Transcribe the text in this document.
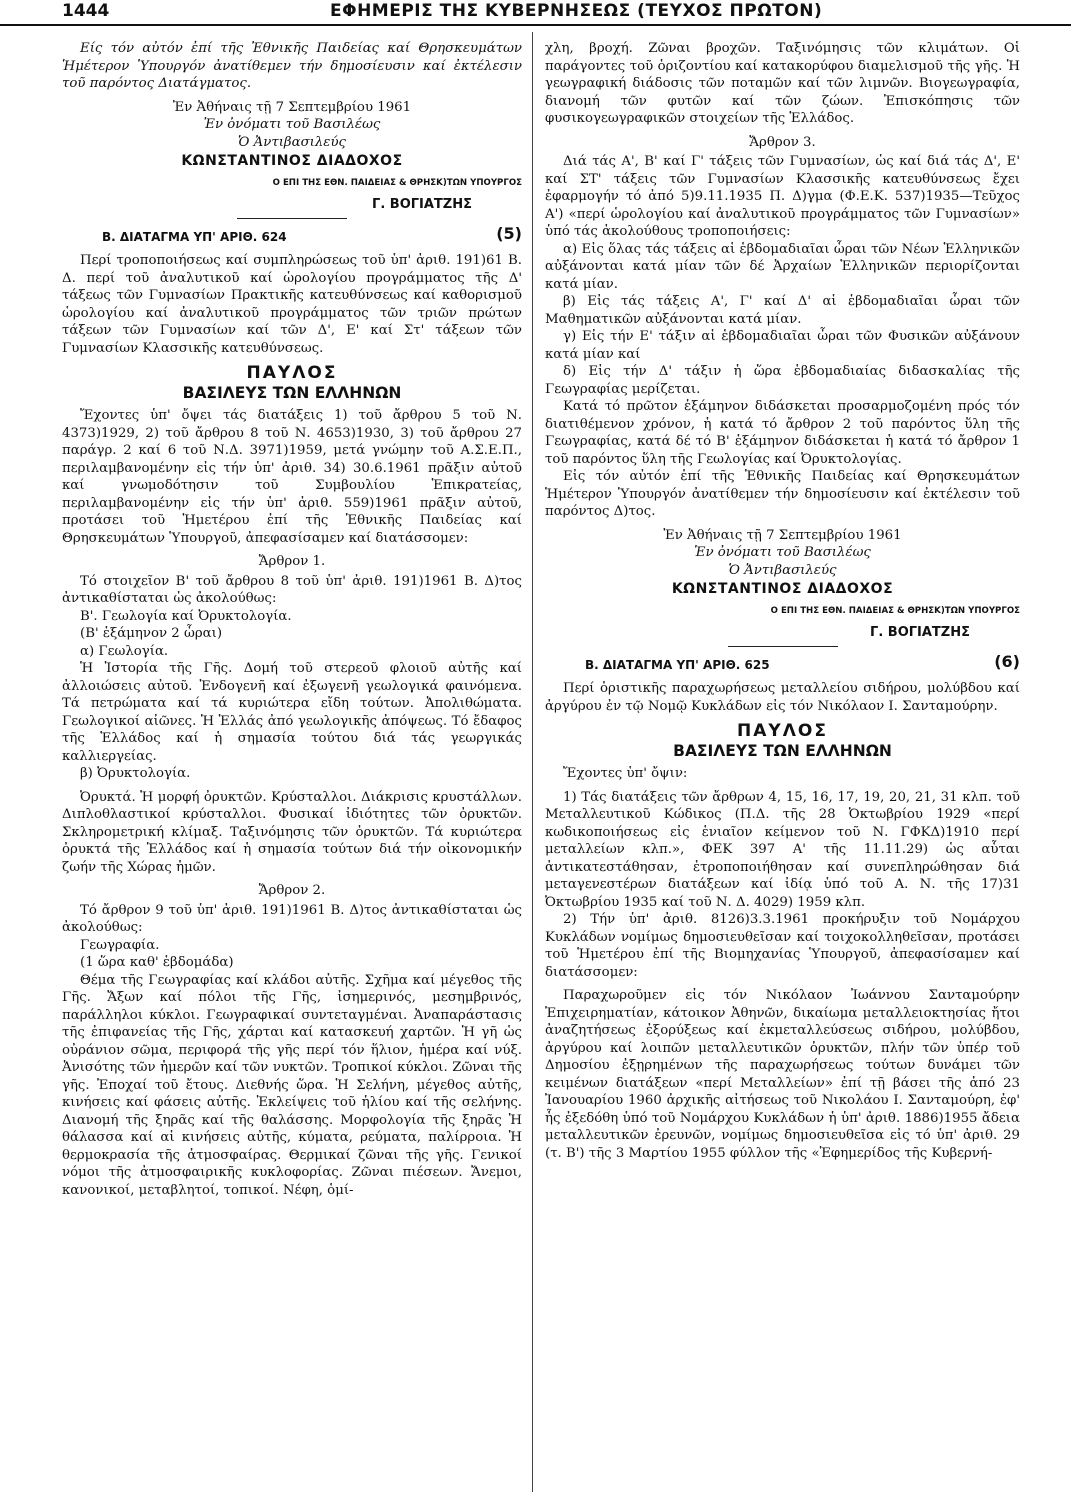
1444	ΕΦΗΜΕΡΙΣ ΤΗΣ ΚΥΒΕΡΝΗΣΕΩΣ (ΤΕΥΧΟΣ ΠΡΩΤΟΝ)

Είς τόν αὐτόν ἐπί τῆς Ἐθνικῆς Παιδείας καί Θρησκευμάτων Ἡμέτερον Ὑπουργόν ἀνατίθεμεν τήν δημοσίευσιν καί ἐκτέλεσιν τοῦ παρόντος Διατάγματος.

Ἐν Ἀθήναις τῇ 7 Σεπτεμβρίου 1961

Ἐν ὀνόματι τοῦ Βασιλέως

Ὁ Ἀντιβασιλεύς

ΚΩΝΣΤΑΝΤΙΝΟΣ ΔΙΑΔΟΧΟΣ

Ο ΕΠΙ ΤΗΣ ΕΘΝ. ΠΑΙΔΕΙΑΣ & ΘΡΗΣΚ)ΤΩΝ ΥΠΟΥΡΓΟΣ

Γ. ΒΟΓΙΑΤΖΗΣ

(5)
Β. ΔΙΑΤΑΓΜΑ ΥΠ' ΑΡΙΘ. 624

Περί τροποποιήσεως καί συμπληρώσεως τοῦ ὑπ' ἀριθ. 191)61 Β. Δ. περί τοῦ ἀναλυτικοῦ καί ὡρολογίου προγράμματος τῆς Δ' τάξεως τῶν Γυμνασίων Πρακτικῆς κατευθύνσεως καί καθορισμοῦ ὡρολογίου καί ἀναλυτικοῦ προγράμματος τῶν τριῶν πρώτων τάξεων τῶν Γυμνασίων καί τῶν Δ', Ε' καί Στ' τάξεων τῶν Γυμνασίων Κλασσικῆς κατευθύνσεως.

ΠΑΥΛΟΣ

ΒΑΣΙΛΕΥΣ ΤΩΝ ΕΛΛΗΝΩΝ

Ἔχοντες ὑπ' ὄψει τάς διατάξεις 1) τοῦ ἄρθρου 5 τοῦ Ν. 4373)1929, 2) τοῦ ἄρθρου 8 τοῦ Ν. 4653)1930, 3) τοῦ ἄρθρου 27 παράγρ. 2 καί 6 τοῦ Ν.Δ. 3971)1959, μετά γνώμην τοῦ Α.Σ.Ε.Π., περιλαμβανομένην εἰς τήν ὑπ' ἀριθ. 34) 30.6.1961 πρᾶξιν αὐτοῦ καί γνωμοδότησιν τοῦ Συμβουλίου Ἐπικρατείας, περιλαμβανομένην εἰς τήν ὑπ' ἀριθ. 559)1961 πρᾶξιν αὐτοῦ, προτάσει τοῦ Ἡμετέρου ἐπί τῆς Ἐθνικῆς Παιδείας καί Θρησκευμάτων Ὑπουργοῦ, ἀπεφασίσαμεν καί διατάσσομεν:

Ἄρθρον 1.

Τό στοιχεῖον Β' τοῦ ἄρθρου 8 τοῦ ὑπ' ἀριθ. 191)1961 Β. Δ)τος ἀντικαθίσταται ὡς ἀκολούθως:

Β'. Γεωλογία καί Ὀρυκτολογία.

(Β' ἑξάμηνον 2 ὧραι)

α) Γεωλογία.

Ἡ Ἱστορία τῆς Γῆς. Δομή τοῦ στερεοῦ φλοιοῦ αὐτῆς καί ἀλλοιώσεις αὐτοῦ. Ἐνδογενῆ καί ἐξωγενῆ γεωλογικά φαινόμενα. Τά πετρώματα καί τά κυριώτερα εἴδη τούτων. Ἀπολιθώματα. Γεωλογικοί αἰῶνες. Ἡ Ἑλλάς ἀπό γεωλογικῆς ἀπόψεως. Τό ἔδαφος τῆς Ἑλλάδος καί ἡ σημασία τούτου διά τάς γεωργικάς καλλιεργείας.

β) Ὀρυκτολογία.

Ὀρυκτά. Ἡ μορφή ὀρυκτῶν. Κρύσταλλοι. Διάκρισις κρυστάλλων. Διπλοθλαστικοί κρύσταλλοι. Φυσικαί ἰδιότητες τῶν ὀρυκτῶν. Σκληρομετρική κλίμαξ. Ταξινόμησις τῶν ὀρυκτῶν. Τά κυριώτερα ὀρυκτά τῆς Ἑλλάδος καί ἡ σημασία τούτων διά τήν οἰκονομικήν ζωήν τῆς Χώρας ἡμῶν.

Ἄρθρον 2.

Τό ἄρθρον 9 τοῦ ὑπ' ἀριθ. 191)1961 Β. Δ)τος ἀντικαθίσταται ὡς ἀκολούθως:

Γεωγραφία.

(1 ὥρα καθ' ἑβδομάδα)

Θέμα τῆς Γεωγραφίας καί κλάδοι αὐτῆς. Σχῆμα καί μέγεθος τῆς Γῆς. Ἄξων καί πόλοι τῆς Γῆς, ἰσημερινός, μεσημβρινός, παράλληλοι κύκλοι. Γεωγραφικαί συντεταγμέναι. Ἀναπαράστασις τῆς ἐπιφανείας τῆς Γῆς, χάρται καί κατασκευή χαρτῶν. Ἡ γῆ ὡς οὐράνιον σῶμα, περιφορά τῆς γῆς περί τόν ἥλιον, ἡμέρα καί νύξ. Ἀνισότης τῶν ἡμερῶν καί τῶν νυκτῶν. Τροπικοί κύκλοι. Ζῶναι τῆς γῆς. Ἐποχαί τοῦ ἔτους. Διεθνής ὥρα. Ἡ Σελήνη, μέγεθος αὐτῆς, κινήσεις καί φάσεις αὐτῆς. Ἐκλείψεις τοῦ ἡλίου καί τῆς σελήνης. Διανομή τῆς ξηρᾶς καί τῆς θαλάσσης. Μορφολογία τῆς ξηρᾶς Ἡ θάλασσα καί αἱ κινήσεις αὐτῆς, κύματα, ρεύματα, παλίρροια. Ἡ θερμοκρασία τῆς ἀτμοσφαίρας. Θερμικαί ζῶναι τῆς γῆς. Γενικοί νόμοι τῆς ἀτμοσφαιρικῆς κυκλοφορίας. Ζῶναι πιέσεων. Ἄνεμοι, κανονικοί, μεταβλητοί, τοπικοί. Νέφη, ὁμί-

χλη, βροχή. Ζῶναι βροχῶν. Ταξινόμησις τῶν κλιμάτων. Οἱ παράγοντες τοῦ ὁριζοντίου καί κατακορύφου διαμελισμοῦ τῆς γῆς. Ἡ γεωγραφική διάδοσις τῶν ποταμῶν καί τῶν λιμνῶν. Βιογεωγραφία, διανομή τῶν φυτῶν καί τῶν ζώων. Ἐπισκόπησις τῶν φυσικογεωγραφικῶν στοιχείων τῆς Ἑλλάδος.

Ἄρθρον 3.

Διά τάς Α', Β' καί Γ' τάξεις τῶν Γυμνασίων, ὡς καί διά τάς Δ', Ε' καί ΣΤ' τάξεις τῶν Γυμνασίων Κλασσικῆς κατευθύνσεως ἔχει ἐφαρμογήν τό ἀπό 5)9.11.1935 Π. Δ)γμα (Φ.Ε.Κ. 537)1935—Τεῦχος Α') «περί ὡρολογίου καί ἀναλυτικοῦ προγράμματος τῶν Γυμνασίων» ὑπό τάς ἀκολούθους τροποποιήσεις:

α) Εἰς ὅλας τάς τάξεις αἱ ἑβδομαδιαῖαι ὧραι τῶν Νέων Ἑλληνικῶν αὐξάνονται κατά μίαν τῶν δέ Ἀρχαίων Ἑλληνικῶν περιορίζονται κατά μίαν.

β) Εἰς τάς τάξεις Α', Γ' καί Δ' αἱ ἑβδομαδιαῖαι ὧραι τῶν Μαθηματικῶν αὐξάνονται κατά μίαν.

γ) Εἰς τήν Ε' τάξιν αἱ ἑβδομαδιαῖαι ὧραι τῶν Φυσικῶν αὐξάνουν κατά μίαν καί

δ) Εἰς τήν Δ' τάξιν ἡ ὥρα ἑβδομαδιαίας διδασκαλίας τῆς Γεωγραφίας μερίζεται.

Κατά τό πρῶτον ἑξάμηνον διδάσκεται προσαρμοζομένη πρός τόν διατιθέμενον χρόνον, ἡ κατά τό ἄρθρον 2 τοῦ παρόντος ὕλη τῆς Γεωγραφίας, κατά δέ τό Β' ἑξάμηνον διδάσκεται ἡ κατά τό ἄρθρον 1 τοῦ παρόντος ὕλη τῆς Γεωλογίας καί Ὀρυκτολογίας.

Εἰς τόν αὐτόν ἐπί τῆς Ἐθνικῆς Παιδείας καί Θρησκευμάτων Ἡμέτερον Ὑπουργόν ἀνατίθεμεν τήν δημοσίευσιν καί ἐκτέλεσιν τοῦ παρόντος Δ)τος.

Ἐν Ἀθήναις τῇ 7 Σεπτεμβρίου 1961

Ἐν ὀνόματι τοῦ Βασιλέως

Ὁ Ἀντιβασιλεύς

ΚΩΝΣΤΑΝΤΙΝΟΣ ΔΙΑΔΟΧΟΣ

Ο ΕΠΙ ΤΗΣ ΕΘΝ. ΠΑΙΔΕΙΑΣ & ΘΡΗΣΚ)ΤΩΝ ΥΠΟΥΡΓΟΣ

Γ. ΒΟΓΙΑΤΖΗΣ

(6)
Β. ΔΙΑΤΑΓΜΑ ΥΠ' ΑΡΙΘ. 625

Περί ὁριστικῆς παραχωρήσεως μεταλλείου σιδήρου, μολύβδου καί ἀργύρου ἐν τῷ Νομῷ Κυκλάδων εἰς τόν Νικόλαον Ι. Σανταμούρην.

ΠΑΥΛΟΣ

ΒΑΣΙΛΕΥΣ ΤΩΝ ΕΛΛΗΝΩΝ

Ἔχοντες ὑπ' ὄψιν:

1) Τάς διατάξεις τῶν ἄρθρων 4, 15, 16, 17, 19, 20, 21, 31 κλπ. τοῦ Μεταλλευτικοῦ Κώδικος (Π.Δ. τῆς 28 Ὀκτωβρίου 1929 «περί κωδικοποιήσεως εἰς ἑνιαῖον κείμενον τοῦ Ν. ΓΦΚΔ)1910 περί μεταλλείων κλπ.», ΦΕΚ 397 Α' τῆς 11.11.29) ὡς αὗται ἀντικατεστάθησαν, ἐτροποποιήθησαν καί συνεπληρώθησαν διά μεταγενεστέρων διατάξεων καί ἰδίᾳ ὑπό τοῦ Α. Ν. τῆς 17)31 Ὀκτωβρίου 1935 καί τοῦ Ν. Δ. 4029) 1959 κλπ.

2) Τήν ὑπ' ἀριθ. 8126)3.3.1961 προκήρυξιν τοῦ Νομάρχου Κυκλάδων νομίμως δημοσιευθεῖσαν καί τοιχοκολληθεῖσαν, προτάσει τοῦ Ἡμετέρου ἐπί τῆς Βιομηχανίας Ὑπουργοῦ, ἀπεφασίσαμεν καί διατάσσομεν:

Παραχωροῦμεν εἰς τόν Νικόλαον Ἰωάννου Σανταμούρην Ἐπιχειρηματίαν, κάτοικον Ἀθηνῶν, δικαίωμα μεταλλειοκτησίας ἤτοι ἀναζητήσεως ἐξορύξεως καί ἐκμεταλλεύσεως σιδήρου, μολύβδου, ἀργύρου καί λοιπῶν μεταλλευτικῶν ὀρυκτῶν, πλήν τῶν ὑπέρ τοῦ Δημοσίου ἐξῃρημένων τῆς παραχωρήσεως τούτων δυνάμει τῶν κειμένων διατάξεων «περί Μεταλλείων» ἐπί τῇ βάσει τῆς ἀπό 23 Ἰανουαρίου 1960 ἀρχικῆς αἰτήσεως τοῦ Νικολάου Ι. Σανταμούρη, ἐφ' ἧς ἐξεδόθη ὑπό τοῦ Νομάρχου Κυκλάδων ἡ ὑπ' ἀριθ. 1886)1955 ἄδεια μεταλλευτικῶν ἐρευνῶν, νομίμως δημοσιευθεῖσα εἰς τό ὑπ' ἀριθ. 29 (τ. Β') τῆς 3 Μαρτίου 1955 φύλλον τῆς «Ἐφημερίδος τῆς Κυβερνή-
